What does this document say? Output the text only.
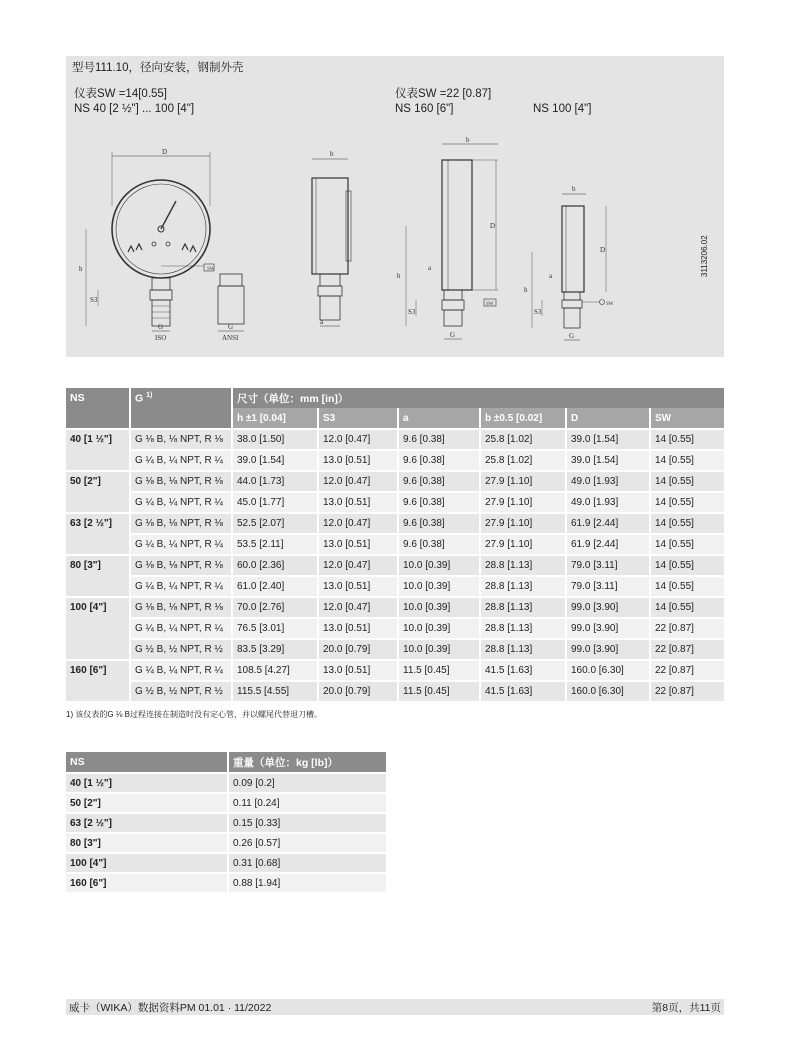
型号111.10，径向安装，钢制外壳
仪表SW =14[0.55]
NS 40 [2 ½"] ... 100 [4"]
仪表SW =22 [0.87]
NS 160 [6"]	NS 100 [4"]
D
SW
h
S3
G
ISO
G
ANSI
b
a
b
D
h
S3
a
SW
G
b
D
h
S3
a
SW
G
3113206.02
NS	G $^{1)}$	尺寸（单位：mm [in]）					
		h ±1 [0.04]	S3	a	b ±0.5 [0.02]	D	SW
40 [1 ½"]	G ⅛ B, ⅛ NPT, R ⅛	38.0 [1.50]	12.0 [0.47]	9.6 [0.38]	25.8 [1.02]	39.0 [1.54]	14 [0.55]
	G ¼ B, ¼ NPT, R ¼	39.0 [1.54]	13.0 [0.51]	9.6 [0.38]	25.8 [1.02]	39.0 [1.54]	14 [0.55]
50 [2"]	G ⅛ B, ⅛ NPT, R ⅛	44.0 [1.73]	12.0 [0.47]	9.6 [0.38]	27.9 [1.10]	49.0 [1.93]	14 [0.55]
	G ¼ B, ¼ NPT, R ¼	45.0 [1.77]	13.0 [0.51]	9.6 [0.38]	27.9 [1.10]	49.0 [1.93]	14 [0.55]
63 [2 ½"]	G ⅛ B, ⅛ NPT, R ⅛	52.5 [2.07]	12.0 [0.47]	9.6 [0.38]	27.9 [1.10]	61.9 [2.44]	14 [0.55]
	G ¼ B, ¼ NPT, R ¼	53.5 [2.11]	13.0 [0.51]	9.6 [0.38]	27.9 [1.10]	61.9 [2.44]	14 [0.55]
80 [3"]	G ⅛ B, ⅛ NPT, R ⅛	60.0 [2.36]	12.0 [0.47]	10.0 [0.39]	28.8 [1.13]	79.0 [3.11]	14 [0.55]
	G ¼ B, ¼ NPT, R ¼	61.0 [2.40]	13.0 [0.51]	10.0 [0.39]	28.8 [1.13]	79.0 [3.11]	14 [0.55]
100 [4"]	G ⅛ B, ⅛ NPT, R ⅛	70.0 [2.76]	12.0 [0.47]	10.0 [0.39]	28.8 [1.13]	99.0 [3.90]	14 [0.55]
	G ¼ B, ¼ NPT, R ¼	76.5 [3.01]	13.0 [0.51]	10.0 [0.39]	28.8 [1.13]	99.0 [3.90]	22 [0.87]
	G ½ B, ½ NPT, R ½	83.5 [3.29]	20.0 [0.79]	10.0 [0.39]	28.8 [1.13]	99.0 [3.90]	22 [0.87]
160 [6"]	G ¼ B, ¼ NPT, R ¼	108.5 [4.27]	13.0 [0.51]	11.5 [0.45]	41.5 [1.63]	160.0 [6.30]	22 [0.87]
	G ½ B, ½ NPT, R ½	115.5 [4.55]	20.0 [0.79]	11.5 [0.45]	41.5 [1.63]	160.0 [6.30]	22 [0.87]
1) 该仪表的G ⅛ B过程连接在制造时没有定心管，并以螺尾代替退刀槽。
NS	重量（单位：kg [lb]）
40 [1 ½"]	0.09 [0.2]
50 [2"]	0.11 [0.24]
63 [2 ½"]	0.15 [0.33]
80 [3"]	0.26 [0.57]
100 [4"]	0.31 [0.68]
160 [6"]	0.88 [1.94]
威卡（WIKA）数据资料PM 01.01 · 11/2022	第8页，共11页
